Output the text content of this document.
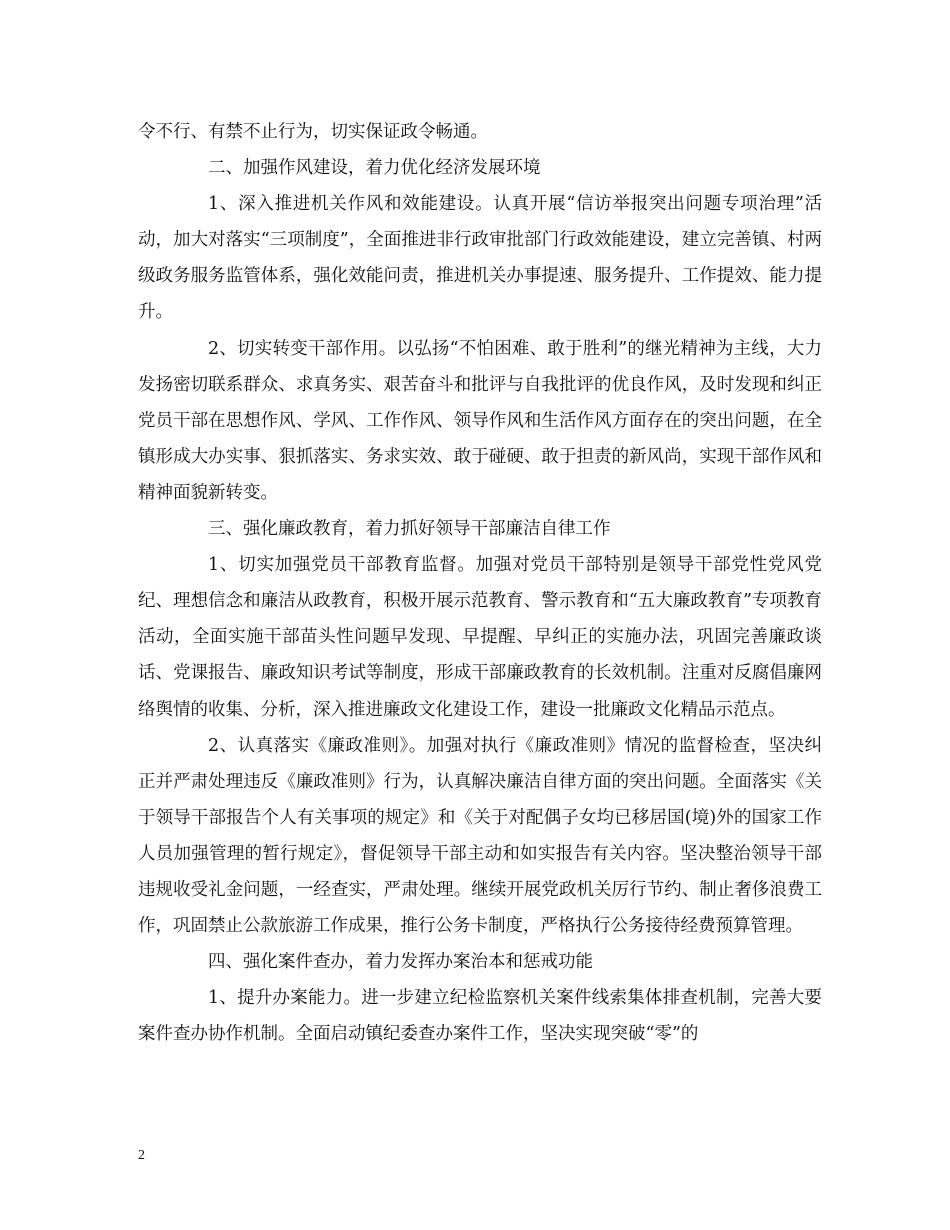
令不行、有禁不止行为，切实保证政令畅通。

二、加强作风建设，着力优化经济发展环境

1、深入推进机关作风和效能建设。认真开展“信访举报突出问题专项治理”活动，加大对落实“三项制度”，全面推进非行政审批部门行政效能建设，建立完善镇、村两级政务服务监管体系，强化效能问责，推进机关办事提速、服务提升、工作提效、能力提升。

2、切实转变干部作用。以弘扬“不怕困难、敢于胜利”的继光精神为主线，大力发扬密切联系群众、求真务实、艰苦奋斗和批评与自我批评的优良作风，及时发现和纠正党员干部在思想作风、学风、工作作风、领导作风和生活作风方面存在的突出问题，在全镇形成大办实事、狠抓落实、务求实效、敢于碰硬、敢于担责的新风尚，实现干部作风和精神面貌新转变。

三、强化廉政教育，着力抓好领导干部廉洁自律工作

1、切实加强党员干部教育监督。加强对党员干部特别是领导干部党性党风党纪、理想信念和廉洁从政教育，积极开展示范教育、警示教育和“五大廉政教育”专项教育活动，全面实施干部苗头性问题早发现、早提醒、早纠正的实施办法，巩固完善廉政谈话、党课报告、廉政知识考试等制度，形成干部廉政教育的长效机制。注重对反腐倡廉网络舆情的收集、分析，深入推进廉政文化建设工作，建设一批廉政文化精品示范点。

2、认真落实《廉政准则》。加强对执行《廉政准则》情况的监督检查，坚决纠正并严肃处理违反《廉政准则》行为，认真解决廉洁自律方面的突出问题。全面落实《关于领导干部报告个人有关事项的规定》和《关于对配偶子女均已移居国(境)外的国家工作人员加强管理的暂行规定》，督促领导干部主动和如实报告有关内容。坚决整治领导干部违规收受礼金问题，一经查实，严肃处理。继续开展党政机关厉行节约、制止奢侈浪费工作，巩固禁止公款旅游工作成果，推行公务卡制度，严格执行公务接待经费预算管理。

四、强化案件查办，着力发挥办案治本和惩戒功能

1、提升办案能力。进一步建立纪检监察机关案件线索集体排查机制，完善大要案件查办协作机制。全面启动镇纪委查办案件工作，坚决实现突破“零”的

2
